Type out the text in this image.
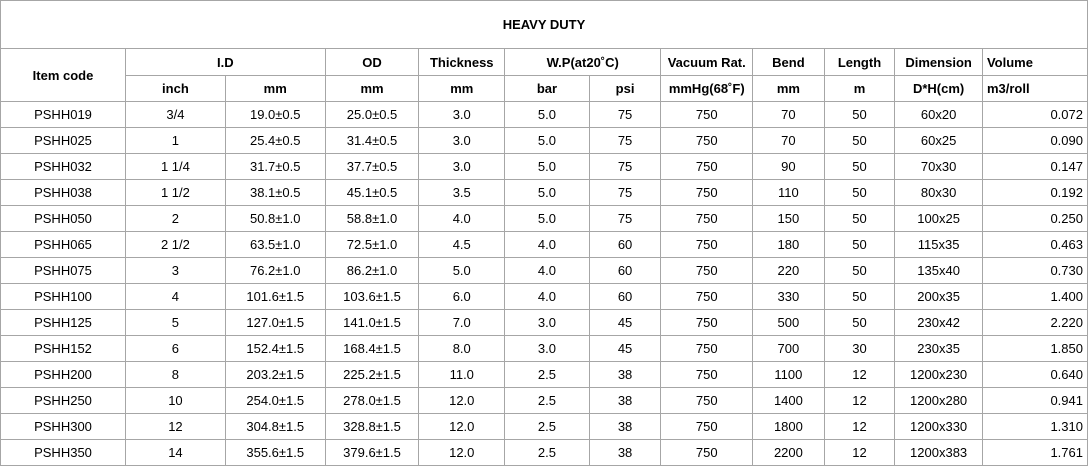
HEAVY DUTY											
Item code	I.D		OD	Thickness	W.P(at20˚C)		Vacuum Rat.	Bend	Length	Dimension	Volume
	inch	mm	mm	mm	bar	psi	mmHg(68˚F)	mm	m	D*H(cm)	m3/roll
PSHH019	3/4	19.0±0.5	25.0±0.5	3.0	5.0	75	750	70	50	60x20	0.072
PSHH025	1	25.4±0.5	31.4±0.5	3.0	5.0	75	750	70	50	60x25	0.090
PSHH032	1 1/4	31.7±0.5	37.7±0.5	3.0	5.0	75	750	90	50	70x30	0.147
PSHH038	1 1/2	38.1±0.5	45.1±0.5	3.5	5.0	75	750	110	50	80x30	0.192
PSHH050	2	50.8±1.0	58.8±1.0	4.0	5.0	75	750	150	50	100x25	0.250
PSHH065	2 1/2	63.5±1.0	72.5±1.0	4.5	4.0	60	750	180	50	115x35	0.463
PSHH075	3	76.2±1.0	86.2±1.0	5.0	4.0	60	750	220	50	135x40	0.730
PSHH100	4	101.6±1.5	103.6±1.5	6.0	4.0	60	750	330	50	200x35	1.400
PSHH125	5	127.0±1.5	141.0±1.5	7.0	3.0	45	750	500	50	230x42	2.220
PSHH152	6	152.4±1.5	168.4±1.5	8.0	3.0	45	750	700	30	230x35	1.850
PSHH200	8	203.2±1.5	225.2±1.5	11.0	2.5	38	750	1100	12	1200x230	0.640
PSHH250	10	254.0±1.5	278.0±1.5	12.0	2.5	38	750	1400	12	1200x280	0.941
PSHH300	12	304.8±1.5	328.8±1.5	12.0	2.5	38	750	1800	12	1200x330	1.310
PSHH350	14	355.6±1.5	379.6±1.5	12.0	2.5	38	750	2200	12	1200x383	1.761
